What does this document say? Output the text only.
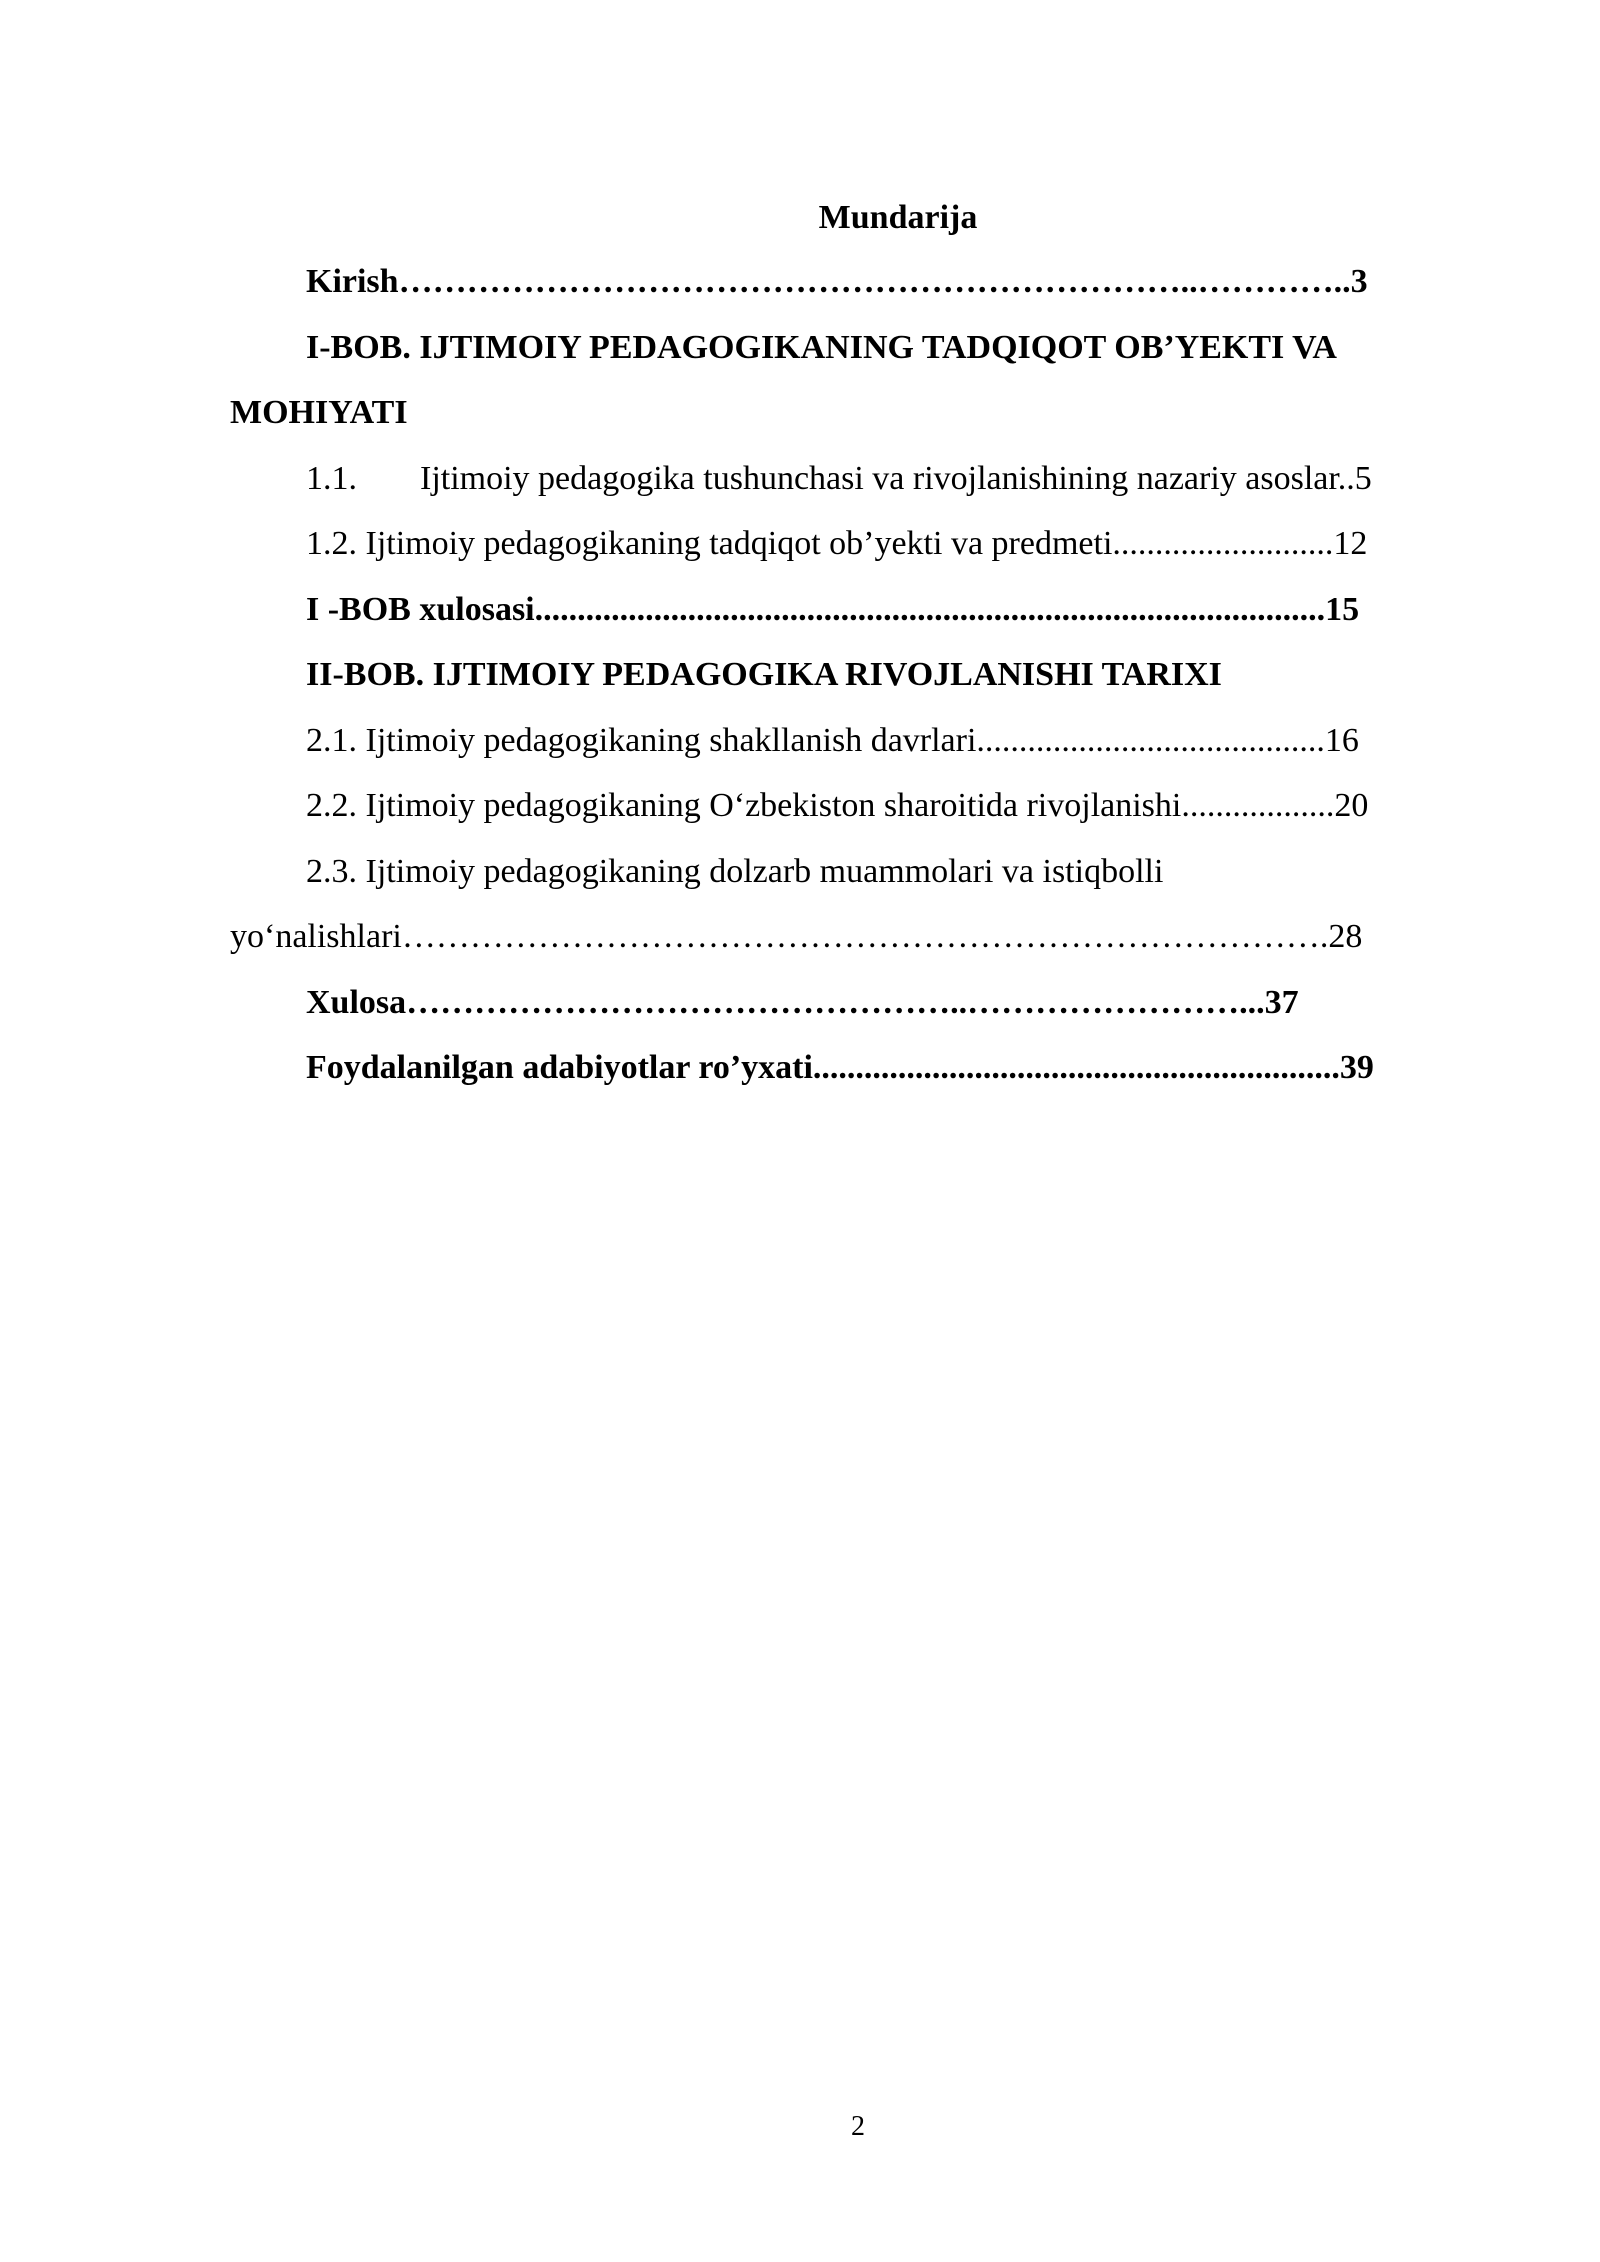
Mundarija
Kirish……………………………………………………………..…………..3
I-BOB. IJTIMOIY PEDAGOGIKANING TADQIQOT OB’YEKTI VA
MOHIYATI
1.1. Ijtimoiy pedagogika tushunchasi va rivojlanishining nazariy asoslar..5
1.2. Ijtimoiy pedagogikaning tadqiqot ob’yekti va predmeti..........................12
I -BOB xulosasi.............................................................................................15
II-BOB. IJTIMOIY PEDAGOGIKA RIVOJLANISHI TARIXI
2.1. Ijtimoiy pedagogikaning shakllanish davrlari.........................................16
2.2. Ijtimoiy pedagogikaning O‘zbekiston sharoitida rivojlanishi..................20
2.3. Ijtimoiy pedagogikaning dolzarb muammolari va istiqbolli
yo‘nalishlari……………………………………………………………………….28
Xulosa…………………………………………..……………………...37
Foydalanilgan adabiyotlar ro’yxati..............................................................39
2
